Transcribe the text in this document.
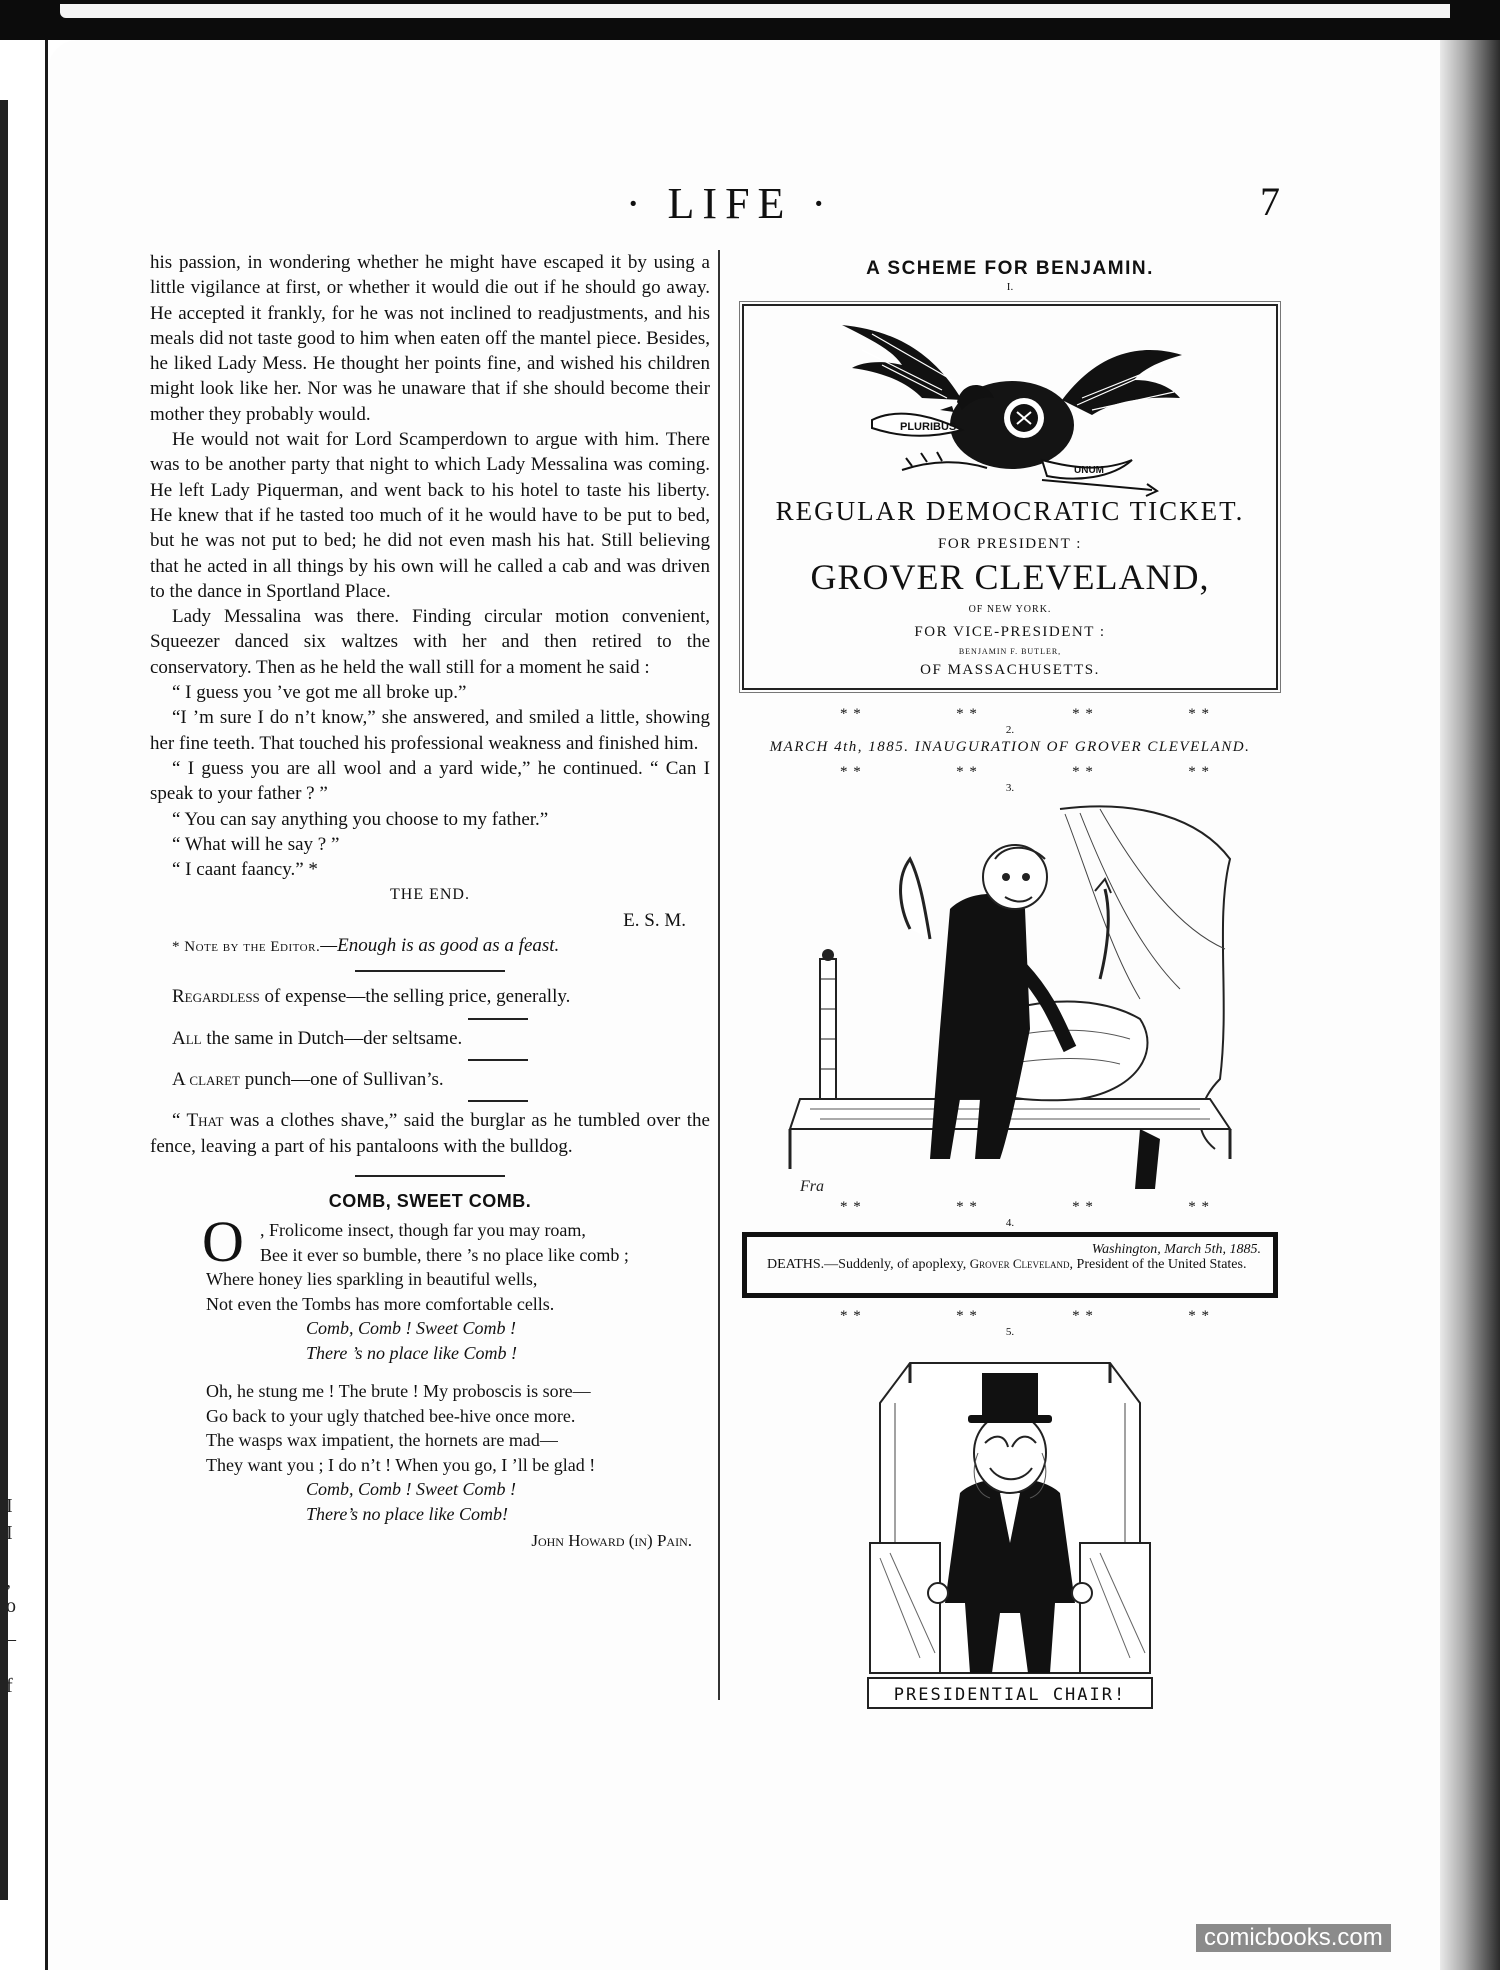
I
I
,
o
–
f
· LIFE ·	7

his passion, in wondering whether he might have escaped it by using a little vigilance at first, or whether it would die out if he should go away. He accepted it frankly, for he was not inclined to readjustments, and his meals did not taste good to him when eaten off the mantel piece. Besides, he liked Lady Mess. He thought her points fine, and wished his children might look like her. Nor was he unaware that if she should become their mother they probably would.

He would not wait for Lord Scamperdown to argue with him. There was to be another party that night to which Lady Messalina was coming. He left Lady Piquerman, and went back to his hotel to taste his liberty. He knew that if he tasted too much of it he would have to be put to bed, but he was not put to bed; he did not even mash his hat. Still believing that he acted in all things by his own will he called a cab and was driven to the dance in Sportland Place.

Lady Messalina was there. Finding circular motion convenient, Squeezer danced six waltzes with her and then retired to the conservatory. Then as he held the wall still for a moment he said :

“ I guess you ’ve got me all broke up.”

“I ’m sure I do n’t know,” she answered, and smiled a little, showing her fine teeth. That touched his professional weakness and finished him.

“ I guess you are all wool and a yard wide,” he continued. “ Can I speak to your father ? ”

“ You can say anything you choose to my father.”

“ What will he say ? ”

“ I caant faancy.” *

THE END.

E. S. M.

* Note by the Editor.—Enough is as good as a feast.

Regardless of expense—the selling price, generally.

All the same in Dutch—der seltsame.

A claret punch—one of Sullivan’s.

“ That was a clothes shave,” said the burglar as he tumbled over the fence, leaving a part of his pantaloons with the bulldog.

COMB, SWEET COMB.
O , Frolicome insect, though far you may roam,
Bee it ever so bumble, there ’s no place like comb ;
Where honey lies sparkling in beautiful wells,
Not even the Tombs has more comfortable cells.
Comb, Comb ! Sweet Comb !
There ’s no place like Comb !
Oh, he stung me ! The brute ! My proboscis is sore—
Go back to your ugly thatched bee-hive once more.
The wasps wax impatient, the hornets are mad—
They want you ; I do n’t ! When you go, I ’ll be glad !
Comb, Comb ! Sweet Comb !
There’s no place like Comb!
John Howard (in) Pain.
A SCHEME FOR BENJAMIN.
I.
PLURIBUS
UNUM
REGULAR DEMOCRATIC TICKET.
FOR PRESIDENT :
GROVER CLEVELAND,
OF NEW YORK.
FOR VICE-PRESIDENT :
BENJAMIN F. BUTLER,
OF MASSACHUSETTS.
* *	* *	* *	* *
2.
MARCH 4th, 1885. INAUGURATION OF GROVER CLEVELAND.
* *	* *	* *	* *
3.
Fra
* *	* *	* *	* *
4.
Washington, March 5th, 1885.
DEATHS.—Suddenly, of apoplexy, Grover Cleveland, President of the United States.
* *	* *	* *	* *
5.
PRESIDENTIAL CHAIR!
comicbooks.com
